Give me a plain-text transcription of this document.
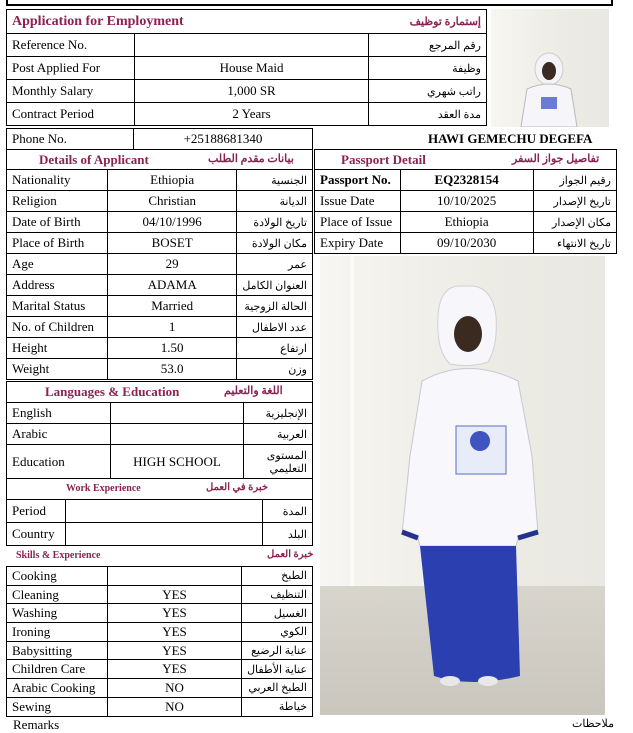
Application for Employment	إستمارة توظيف
Reference No.		رقم المرجع
Post Applied For	House Maid	وظيفة
Monthly Salary	1,000 SR	راتب شهري
Contract Period	2 Years	مدة العقد
Phone No.	+25188681340	HAWI GEMECHU DEGEFA
Details of Applicant	بيانات مقدم الطلب
Nationality	Ethiopia	الجنسية
Religion	Christian	الديانة
Date of Birth	04/10/1996	تاريخ الولادة
Place of Birth	BOSET	مكان الولادة
Age	29	عمر
Address	ADAMA	العنوان الكامل
Marital Status	Married	الحالة الزوجية
No. of Children	1	عدد الاطفال
Height	1.50	ارتفاع
Weight	53.0	وزن
Passport Detail	تفاصيل جواز السفر
Passport No.	EQ2328154	رقيم الجواز
Issue Date	10/10/2025	تاريخ الإصدار
Place of Issue	Ethiopia	مكان الإصدار
Expiry Date	09/10/2030	تاريخ الانتهاء
Languages & Education	اللغة والتعليم
English		الإنجليزية
Arabic		العربية
Education	HIGH SCHOOL	المستوى التعليمي
Work Experience	خبرة في العمل
Period		المدة
Country		البلد
Skills & Experience	خبرة العمل
Cooking		الطبخ
Cleaning	YES	التنظيف
Washing	YES	الغسيل
Ironing	YES	الكوي
Babysitting	YES	عناية الرضيع
Children Care	YES	عناية الأطفال
Arabic Cooking	NO	الطبخ العربي
Sewing	NO	خياطة
Remarks	ملاحظات
